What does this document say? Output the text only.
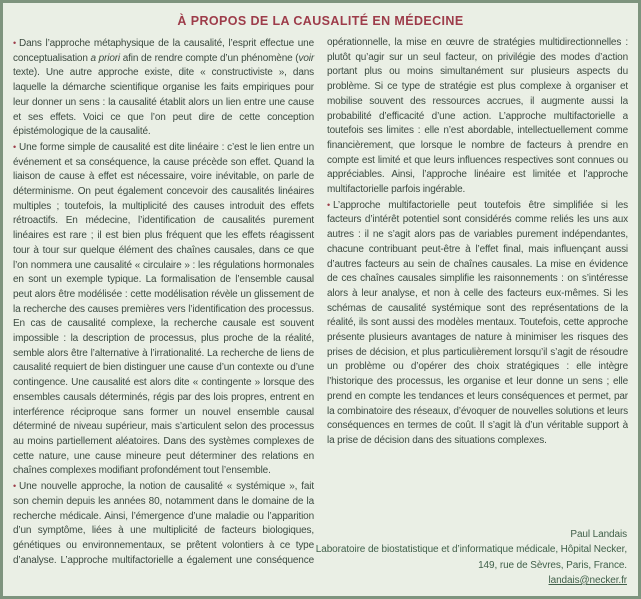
À PROPOS DE LA CAUSALITÉ EN MÉDECINE

• Dans l’approche métaphysique de la causalité, l’esprit effectue une conceptualisation a priori afin de rendre compte d’un phénomène (voir texte). Une autre approche existe, dite « constructiviste », dans laquelle la démarche scientifique organise les faits empiriques pour leur donner un sens : la causalité établit alors un lien entre une cause et ses effets. Voici ce que l’on peut dire de cette conception épistémologique de la causalité.

• Une forme simple de causalité est dite linéaire : c’est le lien entre un événement et sa conséquence, la cause précède son effet. Quand la liaison de cause à effet est nécessaire, voire inévitable, on parle de déterminisme. On peut également concevoir des causalités linéaires multiples ; toutefois, la multiplicité des causes introduit des effets rétroactifs. En médecine, l’identification de causalités purement linéaires est rare ; il est bien plus fréquent que les effets réagissent tour à tour sur quelque élément des chaînes causales, dans ce que l’on nommera une causalité « circulaire » : les régulations hormonales en sont un exemple typique. La formalisation de l’ensemble causal peut alors être modélisée : cette modélisation révèle un glissement de la recherche des causes premières vers l’identification des processus. En cas de causalité complexe, la recherche causale est souvent impossible : la description de processus, plus proche de la réalité, semble alors être l’alternative à l’irrationalité. La recherche de liens de causalité requiert de bien distinguer une cause d’un contexte ou d’une contingence. Une causalité est alors dite « contingente » lorsque des ensembles causals déterminés, régis par des lois propres, entrent en interférence réciproque sans former un nouvel ensemble causal déterminé de niveau supérieur, mais s’articulent selon des processus au moins partiellement aléatoires. Dans des systèmes complexes de cette nature, une cause mineure peut déterminer des relations en chaînes complexes modifiant profondément tout l’ensemble.

• Une nouvelle approche, la notion de causalité « systémique », fait son chemin depuis les années 80, notamment dans le domaine de la recherche médicale. Ainsi, l’émergence d’une maladie ou l’apparition d’un symptôme, liées à une multiplicité de facteurs biologiques, génétiques ou environnementaux, se prêtent volontiers à ce type d’analyse. L’approche multifactorielle a également une conséquence opérationnelle, la mise en œuvre de stratégies multidirectionnelles : plutôt qu’agir sur un seul facteur, on privilégie des modes d’action portant plus ou moins simultanément sur plusieurs aspects du problème. Si ce type de stratégie est plus complexe à organiser et mobilise souvent des ressources accrues, il augmente aussi la probabilité d’efficacité d’une action. L’approche multifactorielle a toutefois ses limites : elle n’est abordable, intellectuellement comme financièrement, que lorsque le nombre de facteurs à prendre en compte est limité et que leurs influences respectives sont connues ou appréciables. Ainsi, l’approche linéaire est limitée et l’approche multifactorielle parfois ingérable.

• L’approche multifactorielle peut toutefois être simplifiée si les facteurs d’intérêt potentiel sont considérés comme reliés les uns aux autres : il ne s’agit alors pas de variables purement indépendantes, chacune contribuant peut-être à l’effet final, mais influençant aussi d’autres facteurs au sein de chaînes causales. La mise en évidence de ces chaînes causales simplifie les raisonnements : on s’intéresse alors à leur analyse, et non à celle des facteurs eux-mêmes. Si les schémas de causalité systémique sont des représentations de la réalité, ils sont aussi des modèles mentaux. Toutefois, cette approche présente plusieurs avantages de nature à minimiser les risques des prises de décision, et plus particulièrement lorsqu’il s’agit de résoudre un problème ou d’opérer des choix stratégiques : elle intègre l’historique des processus, les organise et leur donne un sens ; elle prend en compte les tendances et leurs conséquences et permet, par la combinatoire des réseaux, d’évoquer de nouvelles solutions et leurs conséquences en termes de coût. Il s’agit là d’un véritable support à la prise de décision dans des situations complexes.

Paul Landais
Laboratoire de biostatistique et d’informatique médicale, Hôpital Necker, 149, rue de Sèvres, Paris, France.
landais@necker.fr
